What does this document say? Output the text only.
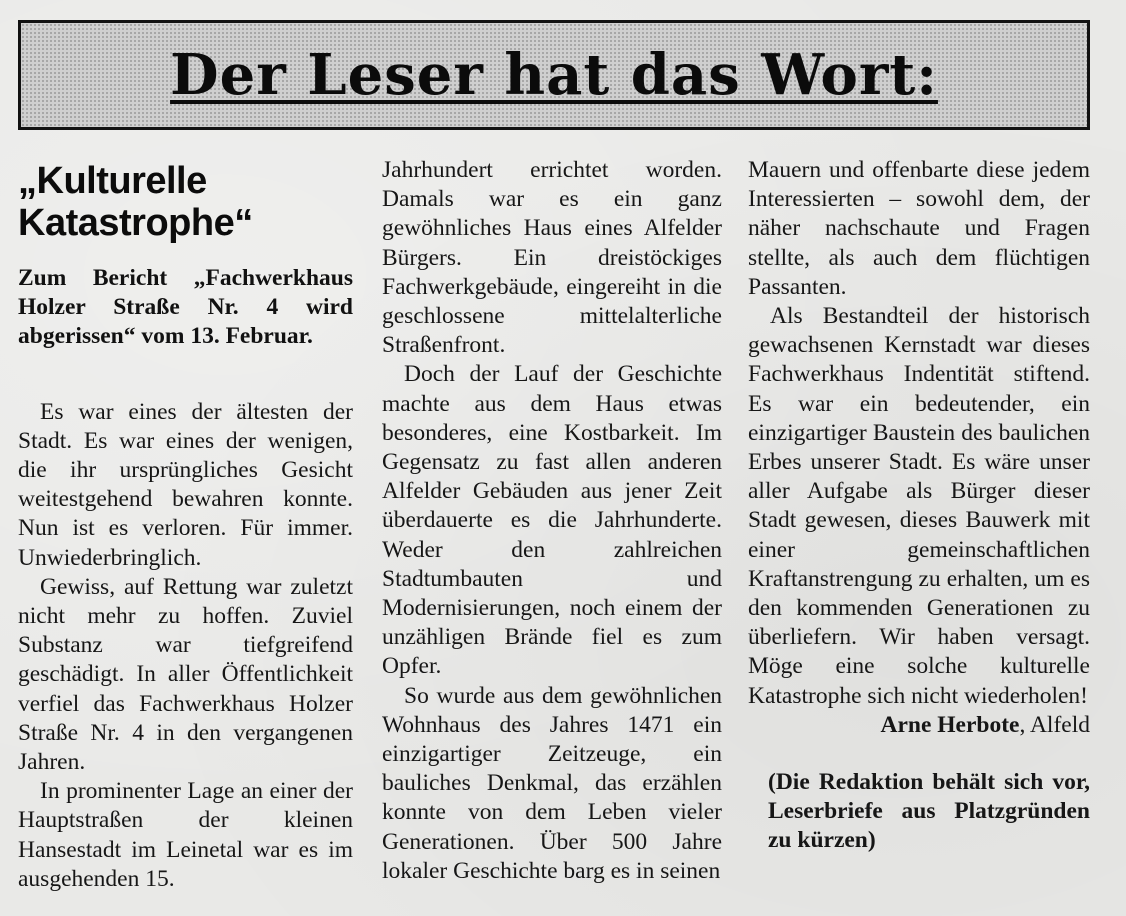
Der Leser hat das Wort:
„Kulturelle
Katastrophe“

Zum Bericht „Fachwerkhaus Holzer Straße Nr. 4 wird abgerissen“ vom 13. Februar.

Es war eines der ältesten der Stadt. Es war eines der wenigen, die ihr ursprüngliches Gesicht weitestgehend bewahren konnte. Nun ist es verloren. Für immer. Unwiederbringlich.

Gewiss, auf Rettung war zuletzt nicht mehr zu hoffen. Zuviel Substanz war tiefgreifend geschädigt. In aller Öffentlichkeit verfiel das Fachwerkhaus Holzer Straße Nr. 4 in den vergangenen Jahren.

In prominenter Lage an einer der Hauptstraßen der kleinen Hansestadt im Leinetal war es im ausgehenden 15.

Jahrhundert errichtet worden. Damals war es ein ganz gewöhnliches Haus eines Alfelder Bürgers. Ein dreistöckiges Fachwerkgebäude, eingereiht in die geschlossene mittelalterliche Straßenfront.

Doch der Lauf der Geschichte machte aus dem Haus etwas besonderes, eine Kostbarkeit. Im Gegensatz zu fast allen anderen Alfelder Gebäuden aus jener Zeit überdauerte es die Jahrhunderte. Weder den zahlreichen Stadtumbauten und Modernisierungen, noch einem der unzähligen Brände fiel es zum Opfer.

So wurde aus dem gewöhnlichen Wohnhaus des Jahres 1471 ein einzigartiger Zeitzeuge, ein bauliches Denkmal, das erzählen konnte von dem Leben vieler Generationen. Über 500 Jahre lokaler Geschichte barg es in seinen

Mauern und offenbarte diese jedem Interessierten – sowohl dem, der näher nachschaute und Fragen stellte, als auch dem flüchtigen Passanten.

Als Bestandteil der historisch gewachsenen Kernstadt war dieses Fachwerkhaus Indentität stiftend. Es war ein bedeutender, ein einzigartiger Baustein des baulichen Erbes unserer Stadt. Es wäre unser aller Aufgabe als Bürger dieser Stadt gewesen, dieses Bauwerk mit einer gemeinschaftlichen Kraftanstrengung zu erhalten, um es den kommenden Generationen zu überliefern. Wir haben versagt. Möge eine solche kulturelle Katastrophe sich nicht wiederholen!

Arne Herbote, Alfeld

(Die Redaktion behält sich vor, Leserbriefe aus Platzgründen zu kürzen)
